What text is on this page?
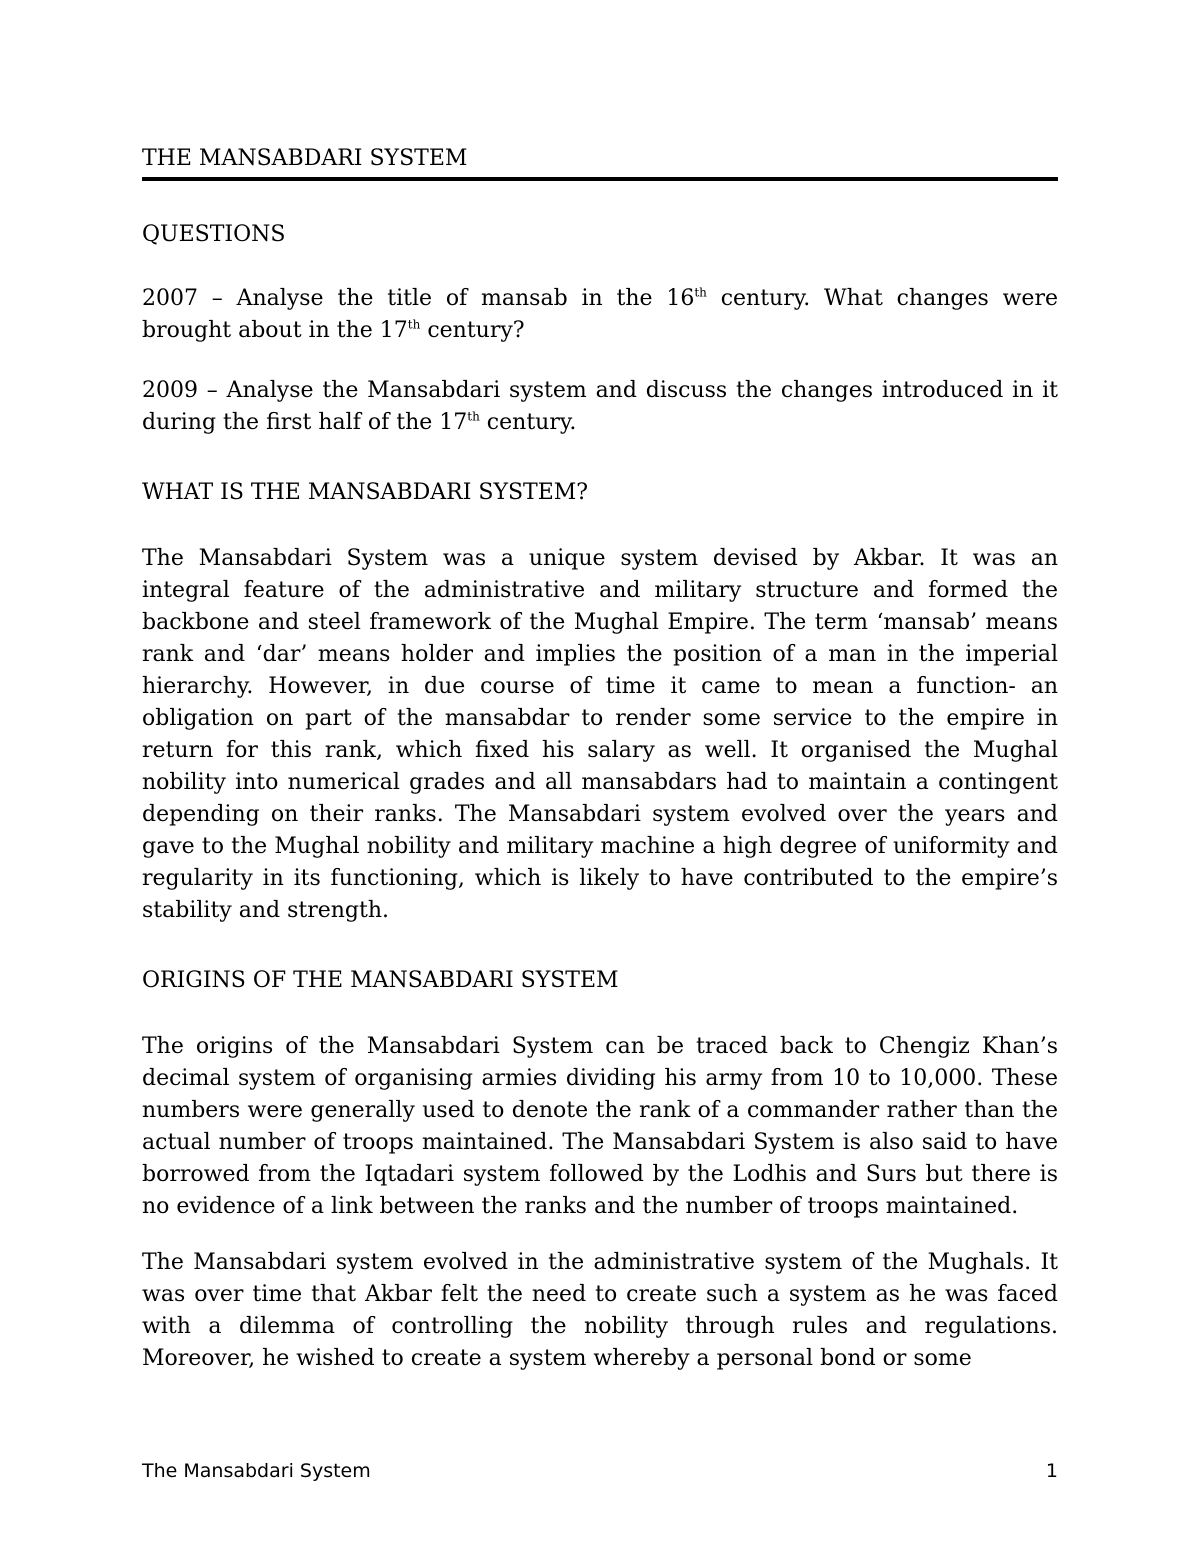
THE MANSABDARI SYSTEM
QUESTIONS

2007 – Analyse the title of mansab in the 16th century. What changes were brought about in the 17th century?

2009 – Analyse the Mansabdari system and discuss the changes introduced in it during the first half of the 17th century.

WHAT IS THE MANSABDARI SYSTEM?

The Mansabdari System was a unique system devised by Akbar. It was an integral feature of the administrative and military structure and formed the backbone and steel framework of the Mughal Empire. The term ‘mansab’ means rank and ‘dar’ means holder and implies the position of a man in the imperial hierarchy. However, in due course of time it came to mean a function- an obligation on part of the mansabdar to render some service to the empire in return for this rank, which fixed his salary as well. It organised the Mughal nobility into numerical grades and all mansabdars had to maintain a contingent depending on their ranks. The Mansabdari system evolved over the years and gave to the Mughal nobility and military machine a high degree of uniformity and regularity in its functioning, which is likely to have contributed to the empire’s stability and strength.

ORIGINS OF THE MANSABDARI SYSTEM

The origins of the Mansabdari System can be traced back to Chengiz Khan’s decimal system of organising armies dividing his army from 10 to 10,000. These numbers were generally used to denote the rank of a commander rather than the actual number of troops maintained. The Mansabdari System is also said to have borrowed from the Iqtadari system followed by the Lodhis and Surs but there is no evidence of a link between the ranks and the number of troops maintained.

The Mansabdari system evolved in the administrative system of the Mughals. It was over time that Akbar felt the need to create such a system as he was faced with a dilemma of controlling the nobility through rules and regulations. Moreover, he wished to create a system whereby a personal bond or some

The Mansabdari System	1
